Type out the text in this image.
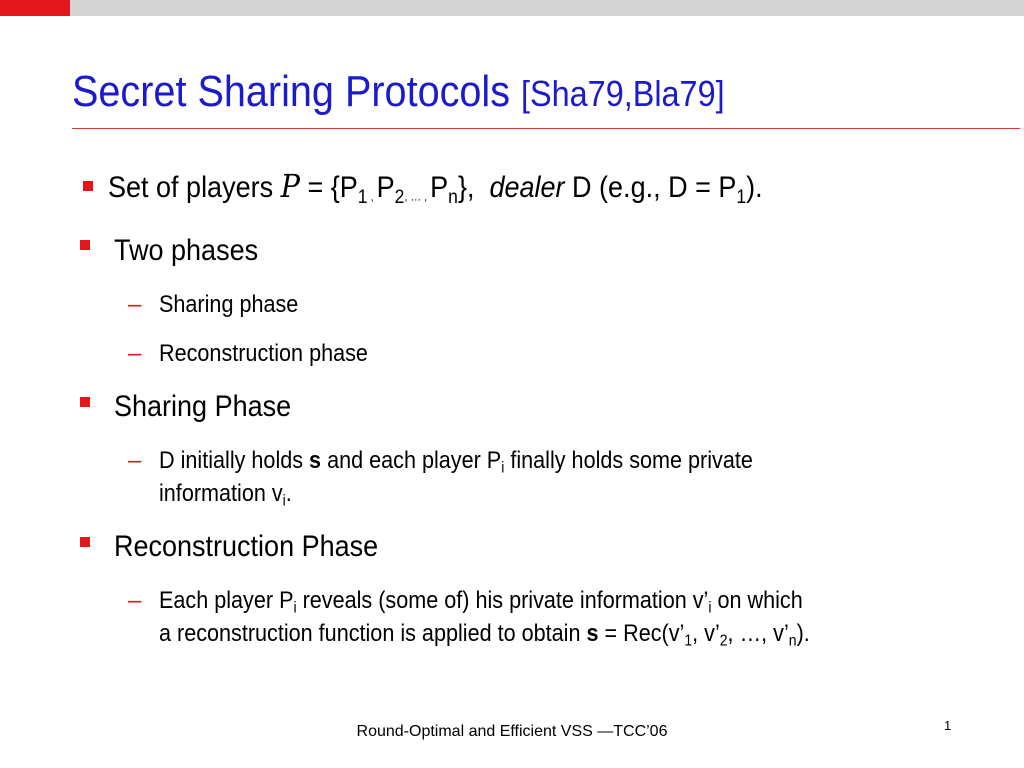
Secret Sharing Protocols [Sha79,Bla79]
Set of players $P = \{P_1$ , $P_2$, … , $P_n$}, dealer D (e.g., $D = P_1$).
Two phases
– Sharing phase
– Reconstruction phase
Sharing Phase
– D initially holds s and each player $P_i$ finally holds some private
information $v_i$.
Reconstruction Phase
– Each player $P_i$ reveals (some of) his private information $v’_i$ on which
a reconstruction function is applied to obtain $s = Rec(v’_1$, $v’_2$, …, $v’_n$).
Round-Optimal and Efficient VSS —TCC’06	1
